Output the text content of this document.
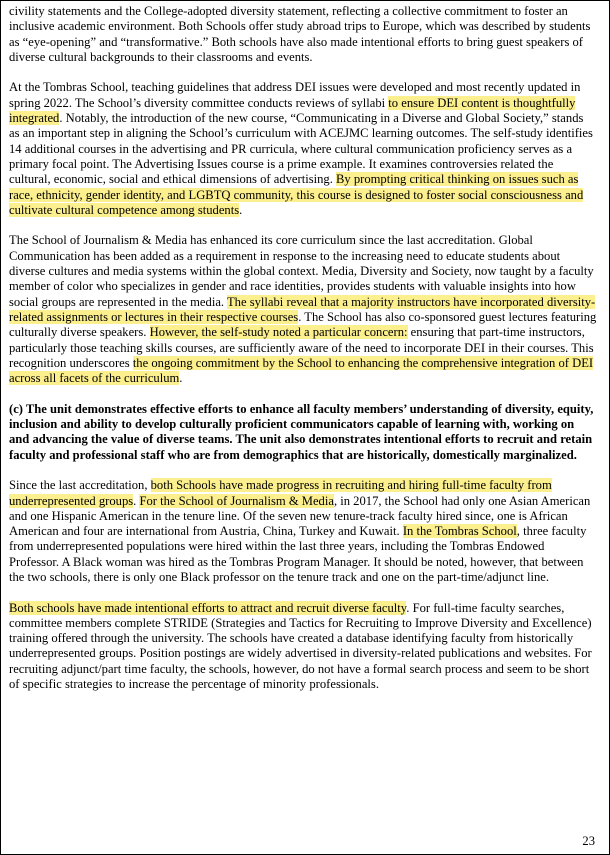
civility statements and the College-adopted diversity statement, reflecting a collective commitment to foster an inclusive academic environment. Both Schools offer study abroad trips to Europe, which was described by students as “eye-opening” and “transformative.” Both schools have also made intentional efforts to bring guest speakers of diverse cultural backgrounds to their classrooms and events.

At the Tombras School, teaching guidelines that address DEI issues were developed and most recently updated in spring 2022. The School’s diversity committee conducts reviews of syllabi to ensure DEI content is thoughtfully integrated. Notably, the introduction of the new course, “Communicating in a Diverse and Global Society,” stands as an important step in aligning the School’s curriculum with ACEJMC learning outcomes. The self-study identifies 14 additional courses in the advertising and PR curricula, where cultural communication proficiency serves as a primary focal point. The Advertising Issues course is a prime example. It examines controversies related the cultural, economic, social and ethical dimensions of advertising. By prompting critical thinking on issues such as race, ethnicity, gender identity, and LGBTQ community, this course is designed to foster social consciousness and cultivate cultural competence among students.

The School of Journalism & Media has enhanced its core curriculum since the last accreditation. Global Communication has been added as a requirement in response to the increasing need to educate students about diverse cultures and media systems within the global context. Media, Diversity and Society, now taught by a faculty member of color who specializes in gender and race identities, provides students with valuable insights into how social groups are represented in the media. The syllabi reveal that a majority instructors have incorporated diversity-related assignments or lectures in their respective courses. The School has also co-sponsored guest lectures featuring culturally diverse speakers. However, the self-study noted a particular concern: ensuring that part-time instructors, particularly those teaching skills courses, are sufficiently aware of the need to incorporate DEI in their courses. This recognition underscores the ongoing commitment by the School to enhancing the comprehensive integration of DEI across all facets of the curriculum.

(c) The unit demonstrates effective efforts to enhance all faculty members’ understanding of diversity, equity, inclusion and ability to develop culturally proficient communicators capable of learning with, working on and advancing the value of diverse teams. The unit also demonstrates intentional efforts to recruit and retain faculty and professional staff who are from demographics that are historically, domestically marginalized.

Since the last accreditation, both Schools have made progress in recruiting and hiring full-time faculty from underrepresented groups. For the School of Journalism & Media, in 2017, the School had only one Asian American and one Hispanic American in the tenure line. Of the seven new tenure-track faculty hired since, one is African American and four are international from Austria, China, Turkey and Kuwait. In the Tombras School, three faculty from underrepresented populations were hired within the last three years, including the Tombras Endowed Professor. A Black woman was hired as the Tombras Program Manager. It should be noted, however, that between the two schools, there is only one Black professor on the tenure track and one on the part-time/adjunct line.

Both schools have made intentional efforts to attract and recruit diverse faculty. For full-time faculty searches, committee members complete STRIDE (Strategies and Tactics for Recruiting to Improve Diversity and Excellence) training offered through the university. The schools have created a database identifying faculty from historically underrepresented groups. Position postings are widely advertised in diversity-related publications and websites. For recruiting adjunct/part time faculty, the schools, however, do not have a formal search process and seem to be short of specific strategies to increase the percentage of minority professionals.

23
